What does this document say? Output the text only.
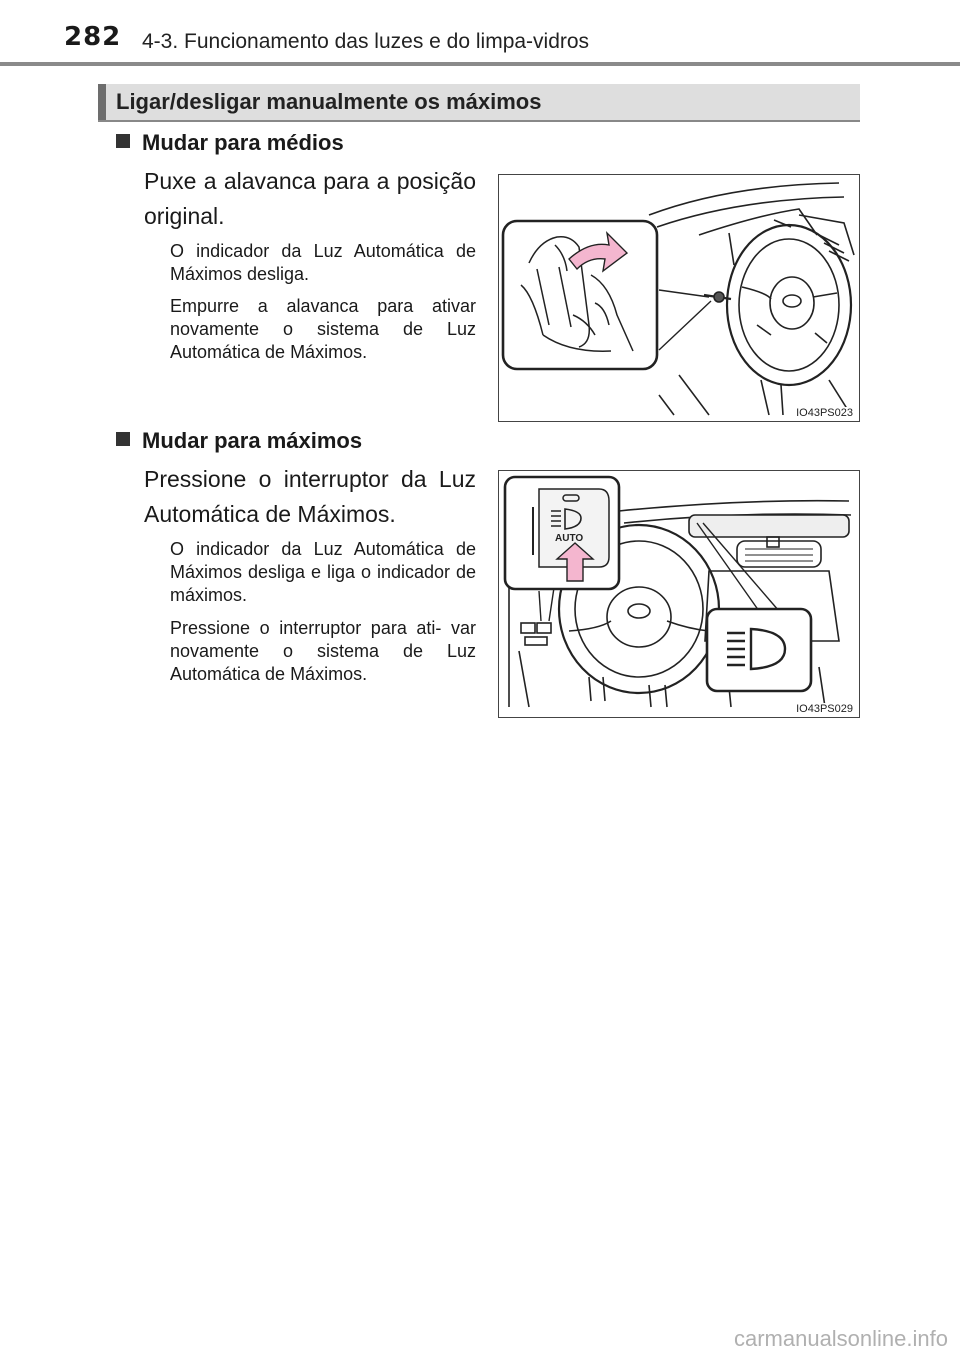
282 4-3. Funcionamento das luzes e do limpa-vidros
Ligar/desligar manualmente os máximos
Mudar para médios
Puxe a alavanca para a posição original.
O indicador da Luz Automática de Máximos desliga.
Empurre a alavanca para ativar novamente o sistema de Luz Automática de Máximos.
IO43PS023
Mudar para máximos
Pressione o interruptor da Luz Automática de Máximos.
O indicador da Luz Automática de Máximos desliga e liga o indicador de máximos.
Pressione o interruptor para ati- var novamente o sistema de Luz Automática de Máximos.
AUTO
IO43PS029
carmanualsonline.info
